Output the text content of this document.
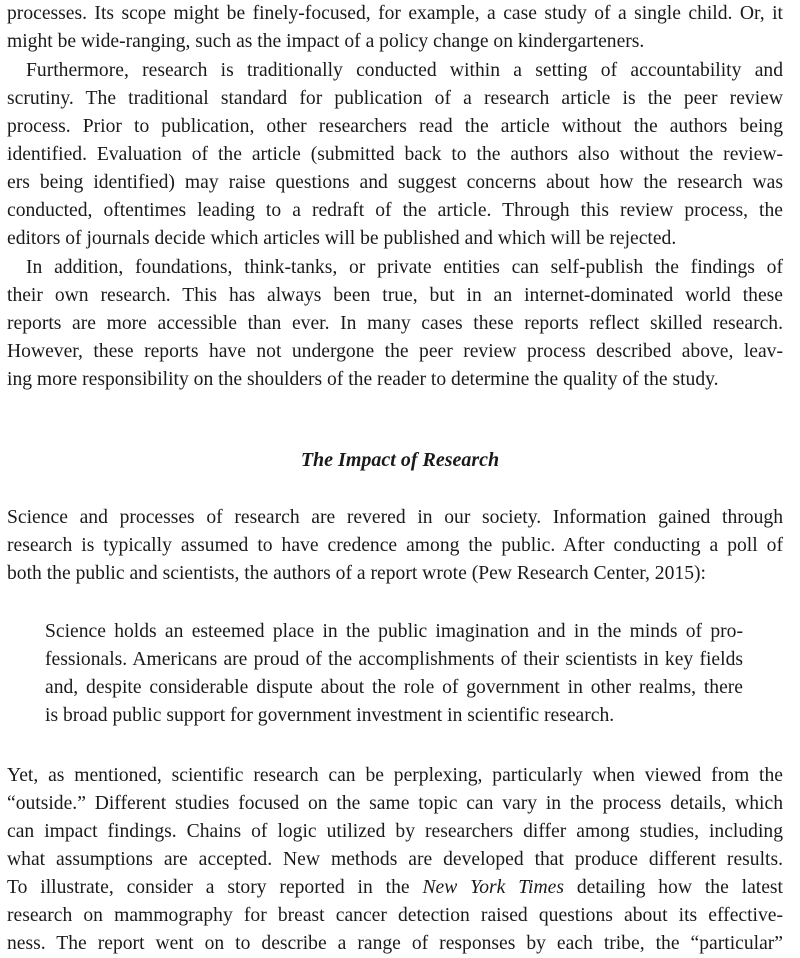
processes. Its scope might be finely-focused, for example, a case study of a single child. Or, it
might be wide-ranging, such as the impact of a policy change on kindergarteners.
Furthermore, research is traditionally conducted within a setting of accountability and
scrutiny. The traditional standard for publication of a research article is the peer review
process. Prior to publication, other researchers read the article without the authors being
identified. Evaluation of the article (submitted back to the authors also without the review-
ers being identified) may raise questions and suggest concerns about how the research was
conducted, oftentimes leading to a redraft of the article. Through this review process, the
editors of journals decide which articles will be published and which will be rejected.
In addition, foundations, think-tanks, or private entities can self-publish the findings of
their own research. This has always been true, but in an internet-dominated world these
reports are more accessible than ever. In many cases these reports reflect skilled research.
However, these reports have not undergone the peer review process described above, leav-
ing more responsibility on the shoulders of the reader to determine the quality of the study.
The Impact of Research
Science and processes of research are revered in our society. Information gained through
research is typically assumed to have credence among the public. After conducting a poll of
both the public and scientists, the authors of a report wrote (Pew Research Center, 2015):
Science holds an esteemed place in the public imagination and in the minds of pro-
fessionals. Americans are proud of the accomplishments of their scientists in key fields
and, despite considerable dispute about the role of government in other realms, there
is broad public support for government investment in scientific research.
Yet, as mentioned, scientific research can be perplexing, particularly when viewed from the
“outside.” Different studies focused on the same topic can vary in the process details, which
can impact findings. Chains of logic utilized by researchers differ among studies, including
what assumptions are accepted. New methods are developed that produce different results.
To illustrate, consider a story reported in the New York Times detailing how the latest
research on mammography for breast cancer detection raised questions about its effective-
ness. The report went on to describe a range of responses by each tribe, the “particular”
